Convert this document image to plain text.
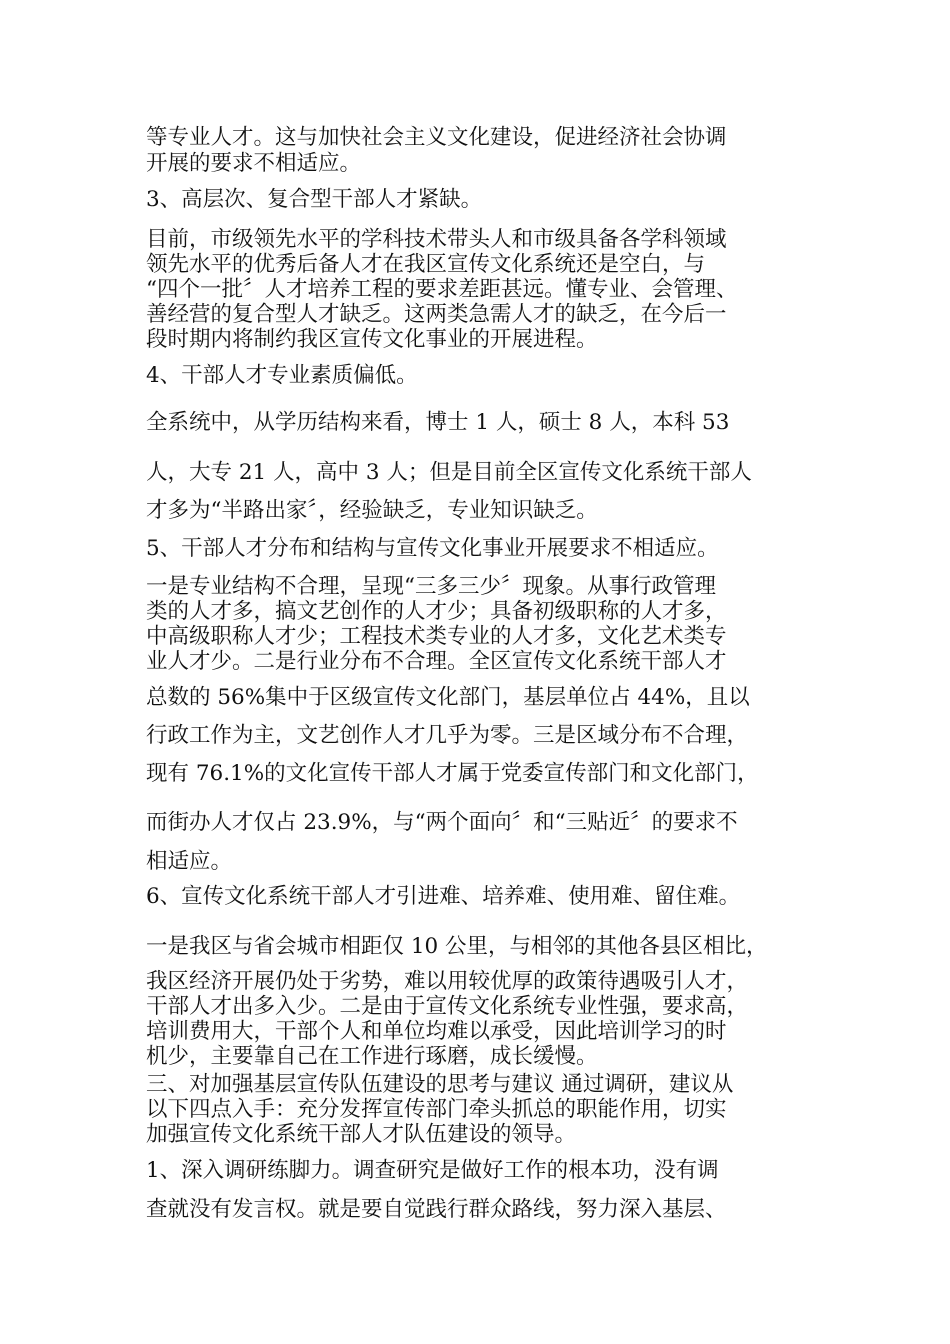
等专业人才。这与加快社会主义文化建设，促进经济社会协调
开展的要求不相适应。
3、高层次、复合型干部人才紧缺。
目前，市级领先水平的学科技术带头人和市级具备各学科领域
领先水平的优秀后备人才在我区宣传文化系统还是空白，与
“四个一批〞人才培养工程的要求差距甚远。懂专业、会管理、
善经营的复合型人才缺乏。这两类急需人才的缺乏，在今后一
段时期内将制约我区宣传文化事业的开展进程。
4、干部人才专业素质偏低。
全系统中，从学历结构来看，博士 1 人，硕士 8 人，本科 53
人，大专 21 人，高中 3 人；但是目前全区宣传文化系统干部人
才多为“半路出家〞，经验缺乏，专业知识缺乏。
5、干部人才分布和结构与宣传文化事业开展要求不相适应。
一是专业结构不合理，呈现“三多三少〞现象。从事行政管理
类的人才多，搞文艺创作的人才少；具备初级职称的人才多，
中高级职称人才少；工程技术类专业的人才多，文化艺术类专
业人才少。二是行业分布不合理。全区宣传文化系统干部人才
总数的 56%集中于区级宣传文化部门，基层单位占 44%，且以
行政工作为主，文艺创作人才几乎为零。三是区域分布不合理，
现有 76.1%的文化宣传干部人才属于党委宣传部门和文化部门，
而街办人才仅占 23.9%，与“两个面向〞和“三贴近〞的要求不
相适应。
6、宣传文化系统干部人才引进难、培养难、使用难、留住难。
一是我区与省会城市相距仅 10 公里，与相邻的其他各县区相比，
我区经济开展仍处于劣势，难以用较优厚的政策待遇吸引人才，
干部人才出多入少。二是由于宣传文化系统专业性强，要求高，
培训费用大，干部个人和单位均难以承受，因此培训学习的时
机少，主要靠自己在工作进行琢磨，成长缓慢。
三、对加强基层宣传队伍建设的思考与建议 通过调研，建议从
以下四点入手：充分发挥宣传部门牵头抓总的职能作用，切实
加强宣传文化系统干部人才队伍建设的领导。
1、深入调研练脚力。调查研究是做好工作的根本功，没有调
查就没有发言权。就是要自觉践行群众路线，努力深入基层、
